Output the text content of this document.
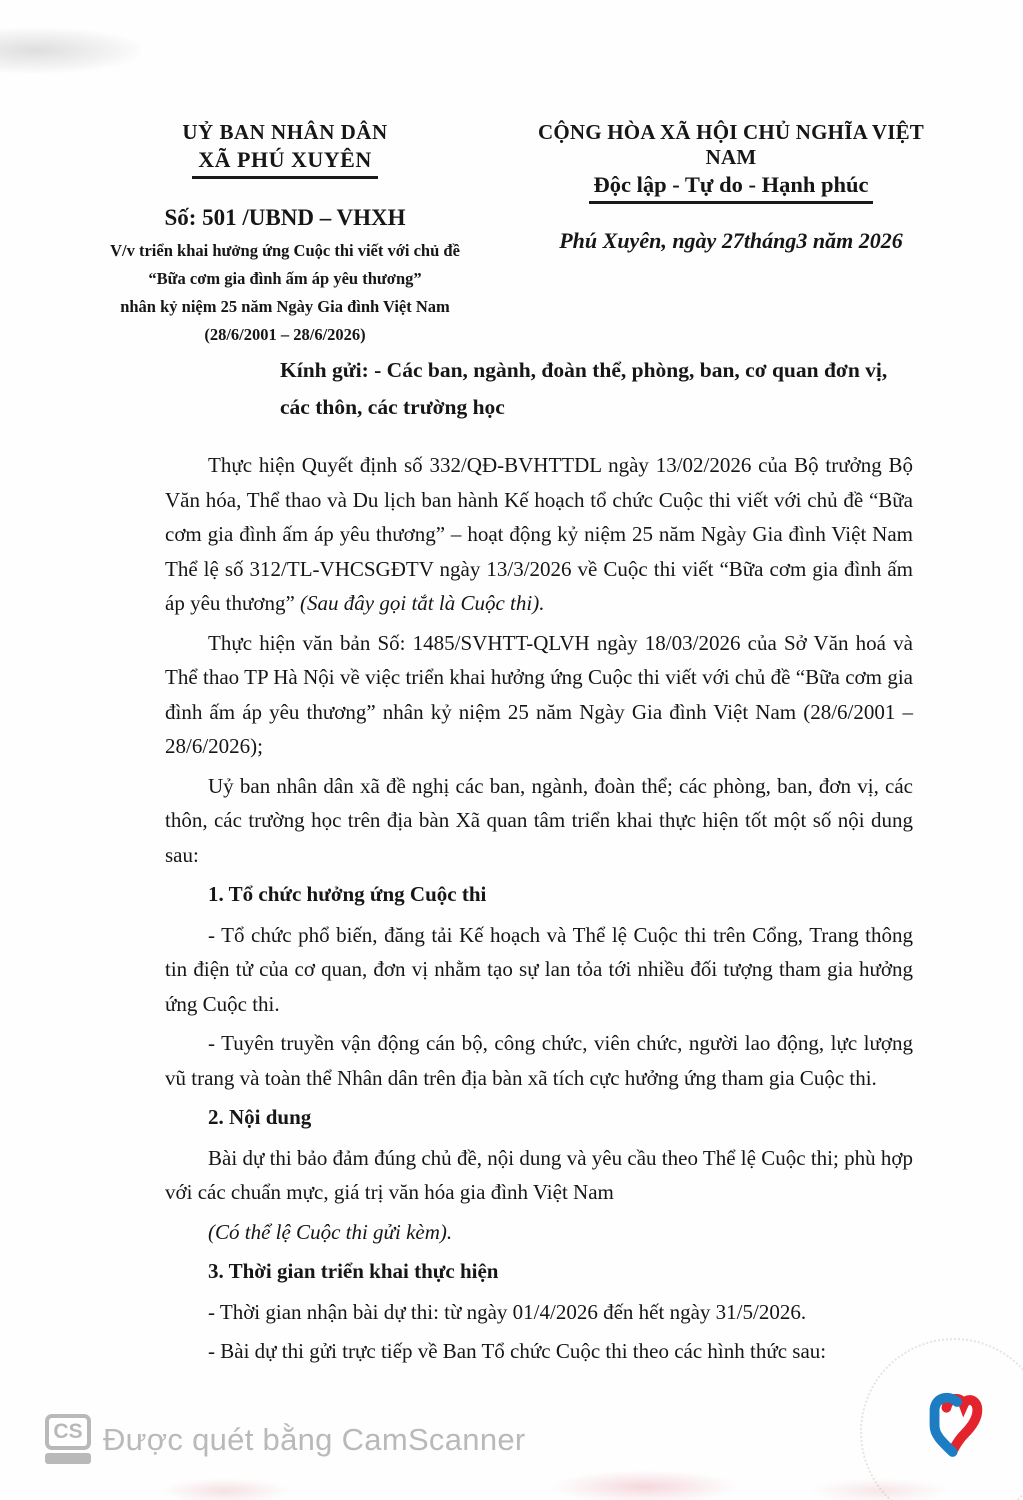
UỶ BAN NHÂN DÂN
XÃ PHÚ XUYÊN
Số: 501 /UBND – VHXH
V/v triển khai hưởng ứng Cuộc thi viết với chủ đề
“Bữa cơm gia đình ấm áp yêu thương”
nhân kỷ niệm 25 năm Ngày Gia đình Việt Nam
(28/6/2001 – 28/6/2026)
CỘNG HÒA XÃ HỘI CHỦ NGHĨA VIỆT NAM
Độc lập - Tự do - Hạnh phúc
Phú Xuyên, ngày 27tháng3 năm 2026
Kính gửi: - Các ban, ngành, đoàn thể, phòng, ban, cơ quan đơn vị,
các thôn, các trường học

Thực hiện Quyết định số 332/QĐ-BVHTTDL ngày 13/02/2026 của Bộ trưởng Bộ Văn hóa, Thể thao và Du lịch ban hành Kế hoạch tổ chức Cuộc thi viết với chủ đề “Bữa cơm gia đình ấm áp yêu thương” – hoạt động kỷ niệm 25 năm Ngày Gia đình Việt Nam Thể lệ số 312/TL-VHCSGĐTV ngày 13/3/2026 về Cuộc thi viết “Bữa cơm gia đình ấm áp yêu thương” (Sau đây gọi tắt là Cuộc thi).

Thực hiện văn bản Số: 1485/SVHTT-QLVH ngày 18/03/2026 của Sở Văn hoá và Thể thao TP Hà Nội về việc triển khai hưởng ứng Cuộc thi viết với chủ đề “Bữa cơm gia đình ấm áp yêu thương” nhân kỷ niệm 25 năm Ngày Gia đình Việt Nam (28/6/2001 – 28/6/2026);

Uỷ ban nhân dân xã đề nghị các ban, ngành, đoàn thể; các phòng, ban, đơn vị, các thôn, các trường học trên địa bàn Xã quan tâm triển khai thực hiện tốt một số nội dung sau:

1. Tổ chức hưởng ứng Cuộc thi

- Tổ chức phổ biến, đăng tải Kế hoạch và Thể lệ Cuộc thi trên Cổng, Trang thông tin điện tử của cơ quan, đơn vị nhằm tạo sự lan tỏa tới nhiều đối tượng tham gia hưởng ứng Cuộc thi.

- Tuyên truyền vận động cán bộ, công chức, viên chức, người lao động, lực lượng vũ trang và toàn thể Nhân dân trên địa bàn xã tích cực hưởng ứng tham gia Cuộc thi.

2. Nội dung

Bài dự thi bảo đảm đúng chủ đề, nội dung và yêu cầu theo Thể lệ Cuộc thi; phù hợp với các chuẩn mực, giá trị văn hóa gia đình Việt Nam

(Có thể lệ Cuộc thi gửi kèm).

3. Thời gian triển khai thực hiện

- Thời gian nhận bài dự thi: từ ngày 01/4/2026 đến hết ngày 31/5/2026.

- Bài dự thi gửi trực tiếp về Ban Tổ chức Cuộc thi theo các hình thức sau:

CS Được quét bằng CamScanner
